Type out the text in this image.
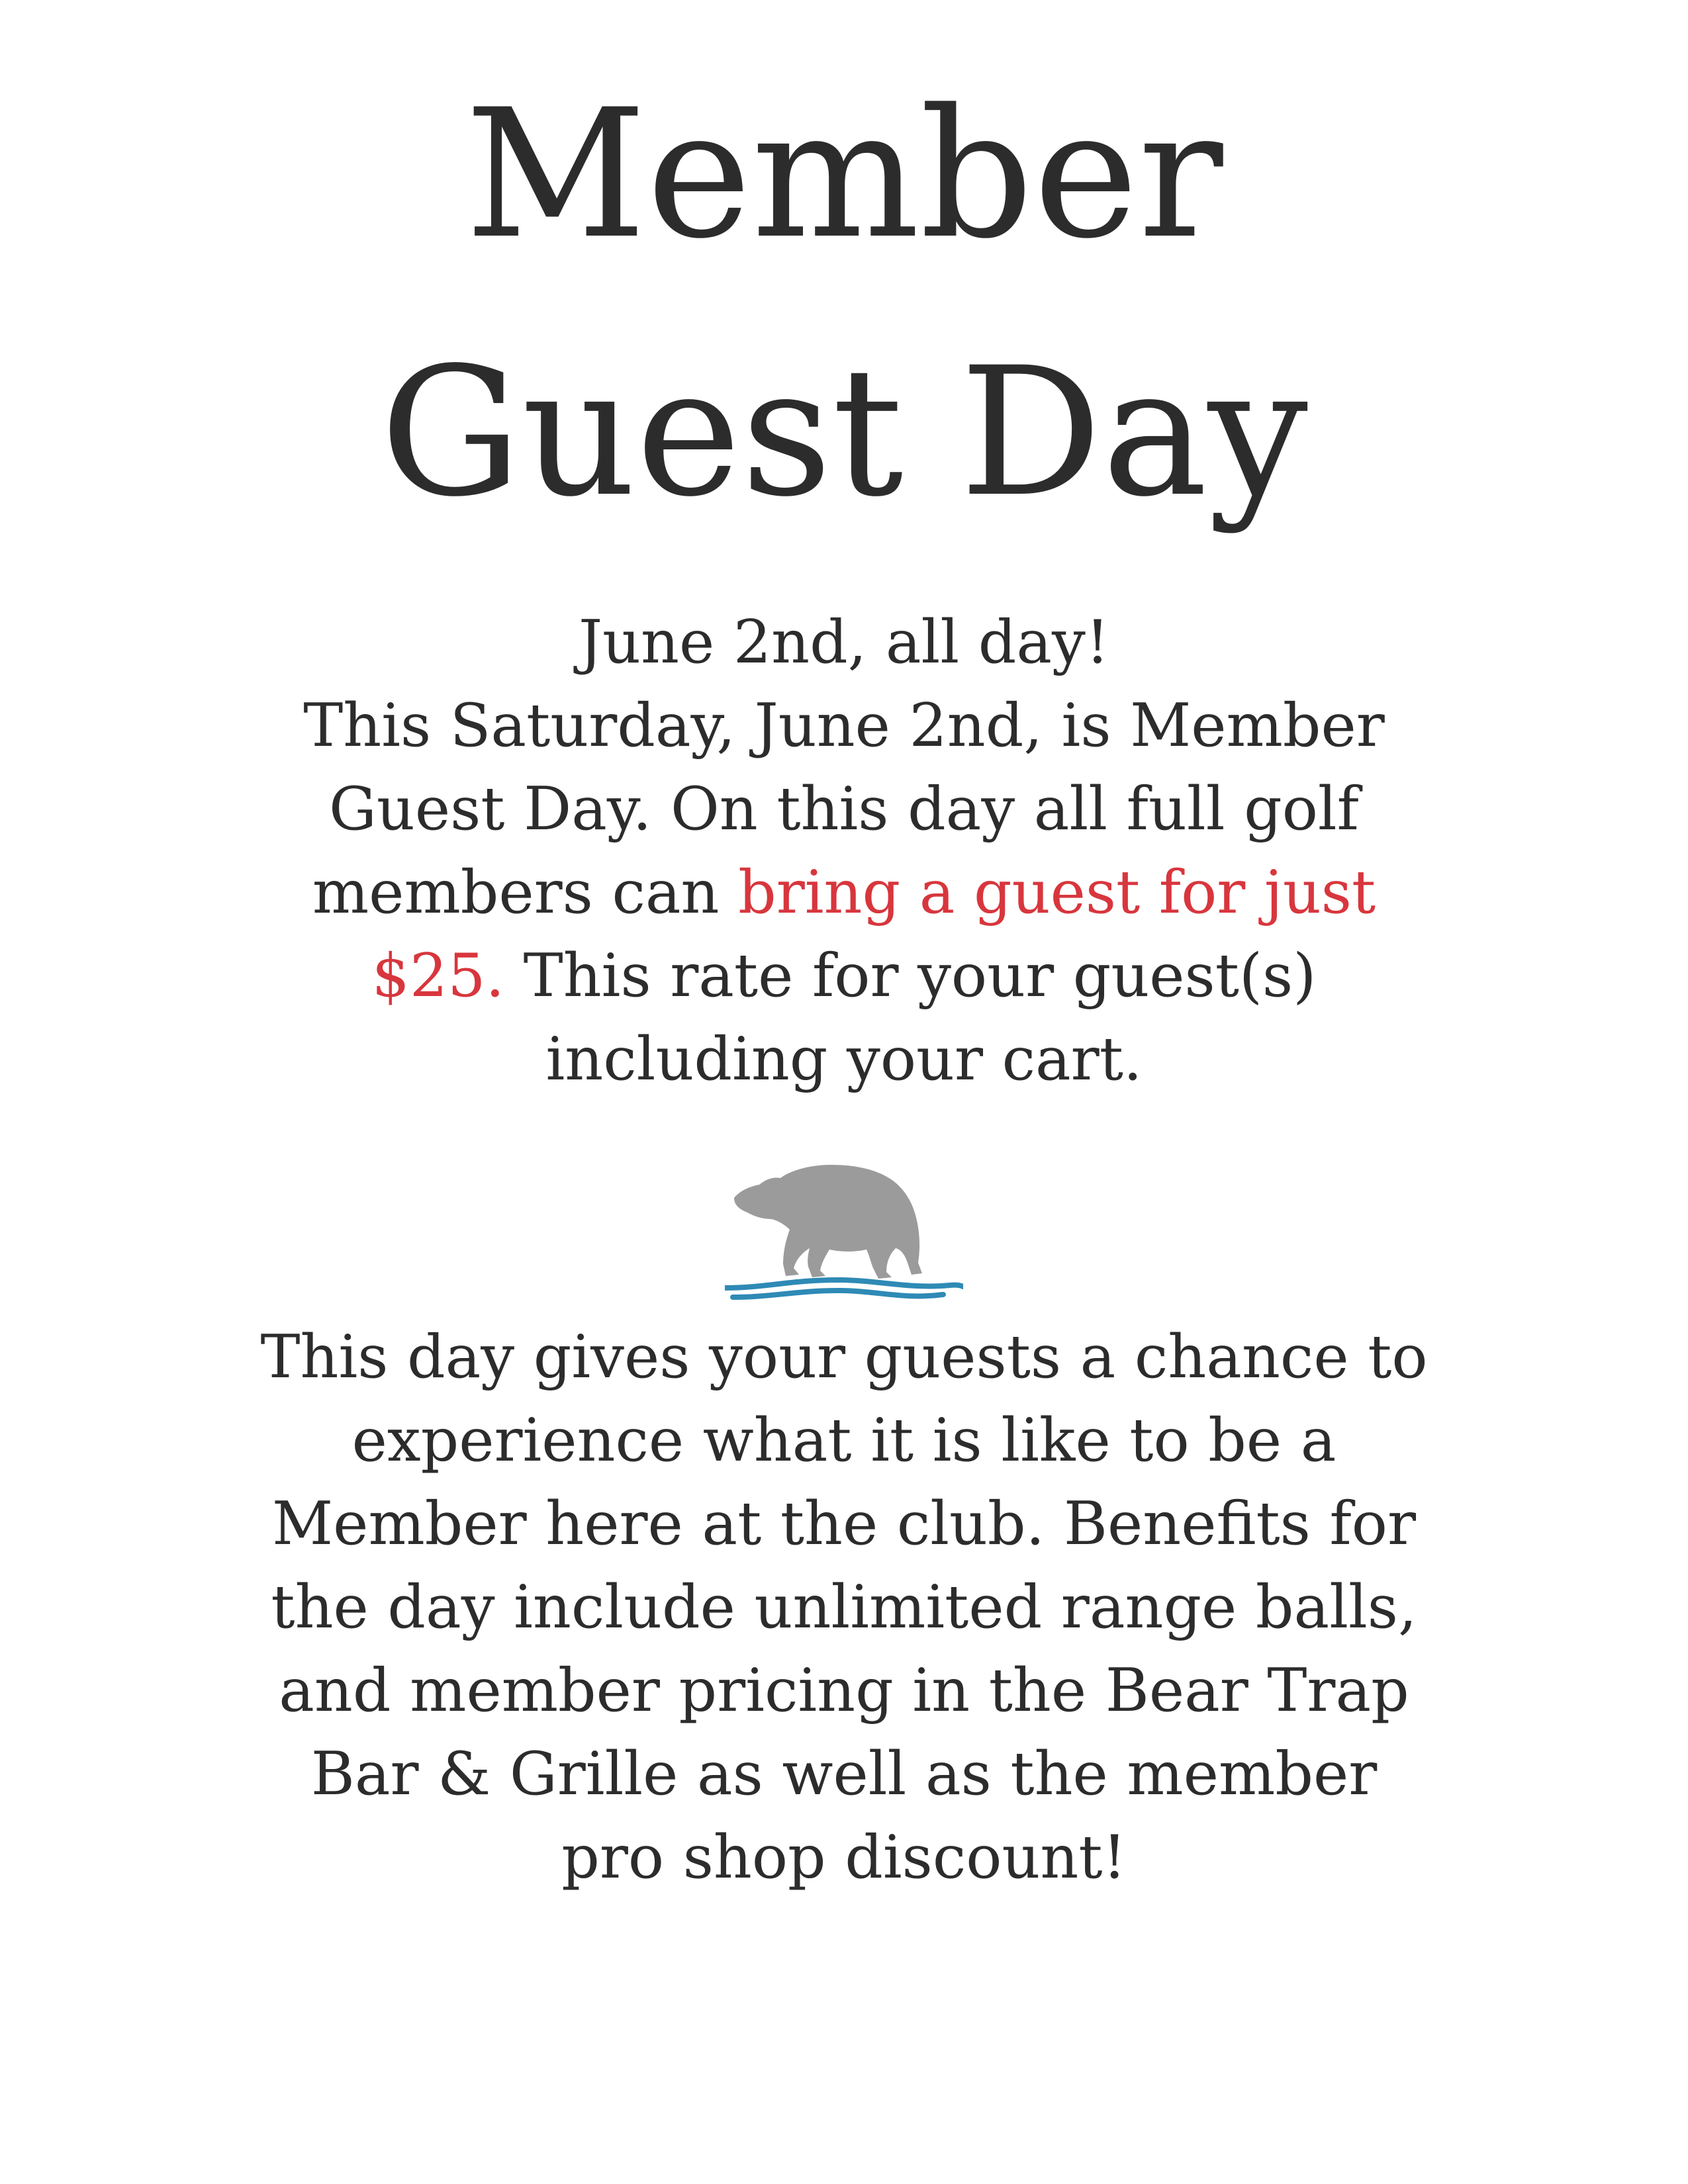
Member
Guest Day
June 2nd, all day!
This Saturday, June 2nd, is Member
Guest Day. On this day all full golf
members can bring a guest for just
$25. This rate for your guest(s)
including your cart.
This day gives your guests a chance to
experience what it is like to be a
Member here at the club. Benefits for
the day include unlimited range balls,
and member pricing in the Bear Trap
Bar & Grille as well as the member
pro shop discount!
